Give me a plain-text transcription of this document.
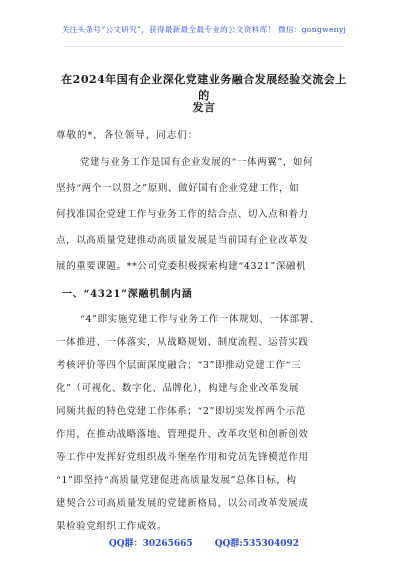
关注头条号“公文研究”，获得最新最全最专业的公文资料库！ 微信：gongwenyj
在2024年国有企业深化党建业务融合发展经验交流会上的
发言
尊敬的*，各位领导，同志们：
党建与业务工作是国有企业发展的“一体两翼”，如何
坚持“两个一以贯之”原则、做好国有企业党建工作，如
何找准国企党建工作与业务工作的结合点、切入点和着力
点，以高质量党建推动高质量发展是当前国有企业改革发
展的重要课题。**公司党委积极探索构建“4321”深融机
一、“4321”深融机制内涵
“4”即实施党建工作与业务工作一体规划、一体部署、
一体推进、一体落实，从战略规划、制度流程、运营实践
考核评价等四个层面深度融合；“3”即推动党建工作“三
化”（可视化、数字化、品牌化），构建与企业改革发展
同频共振的特色党建工作体系；“2”即切实发挥两个示范
作用，在推动战略落地、管理提升、改革攻坚和创新创效
等工作中发挥好党组织战斗堡垒作用和党员先锋模范作用
“1”即坚持“高质量党建促进高质量发展”总体目标，构
建契合公司高质量发展的党建新格局，以公司改革发展成
果检验党组织工作成效。
QQ群：30265665 QQ群:535304092
